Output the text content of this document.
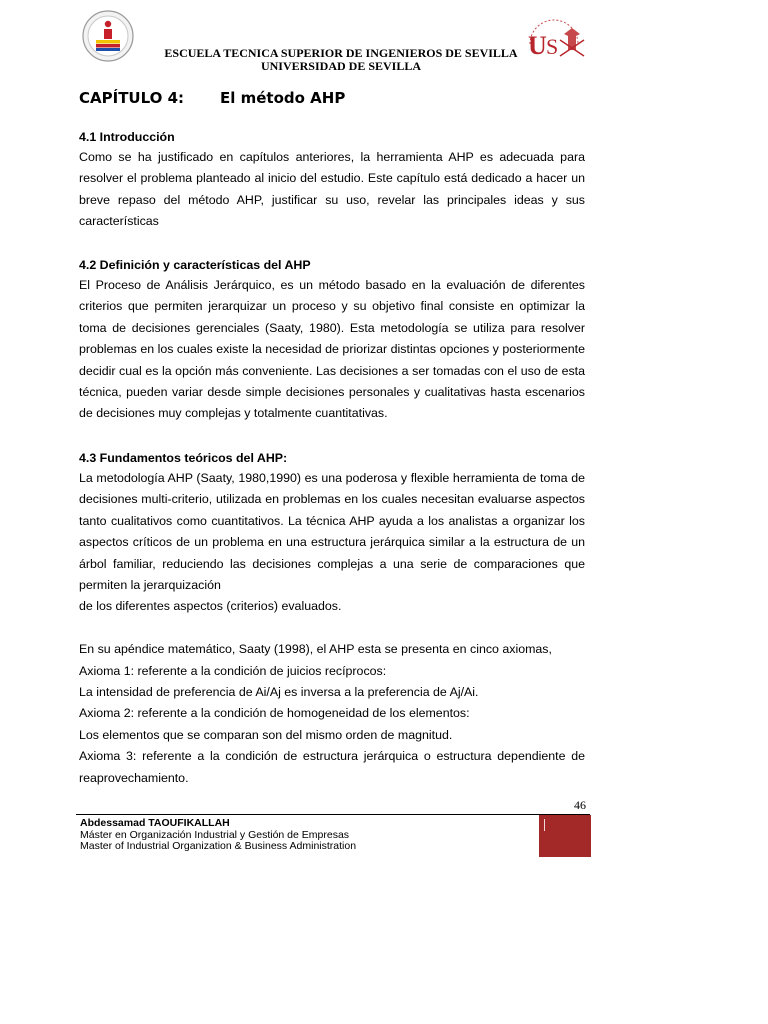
U S
ESCUELA TECNICA SUPERIOR DE INGENIEROS DE SEVILLA
UNIVERSIDAD DE SEVILLA
CAPÍTULO 4: El método AHP
4.1 Introducción
Como se ha justificado en capítulos anteriores, la herramienta AHP es adecuada para resolver el problema planteado al inicio del estudio. Este capítulo está dedicado a hacer un breve repaso del método AHP, justificar su uso, revelar las principales ideas y sus características
4.2 Definición y características del AHP
El Proceso de Análisis Jerárquico, es un método basado en la evaluación de diferentes criterios que permiten jerarquizar un proceso y su objetivo final consiste en optimizar la toma de decisiones gerenciales (Saaty, 1980). Esta metodología se utiliza para resolver problemas en los cuales existe la necesidad de priorizar distintas opciones y posteriormente decidir cual es la opción más conveniente. Las decisiones a ser tomadas con el uso de esta técnica, pueden variar desde simple decisiones personales y cualitativas hasta escenarios de decisiones muy complejas y totalmente cuantitativas.
4.3 Fundamentos teóricos del AHP:
La metodología AHP (Saaty, 1980,1990) es una poderosa y flexible herramienta de toma de decisiones multi-criterio, utilizada en problemas en los cuales necesitan evaluarse aspectos tanto cualitativos como cuantitativos. La técnica AHP ayuda a los analistas a organizar los aspectos críticos de un problema en una estructura jerárquica similar a la estructura de un árbol familiar, reduciendo las decisiones complejas a una serie de comparaciones que permiten la jerarquización
de los diferentes aspectos (criterios) evaluados.
En su apéndice matemático, Saaty (1998), el AHP esta se presenta en cinco axiomas,
Axioma 1: referente a la condición de juicios recíprocos:
La intensidad de preferencia de Ai/Aj es inversa a la preferencia de Aj/Ai.
Axioma 2: referente a la condición de homogeneidad de los elementos:
Los elementos que se comparan son del mismo orden de magnitud.
Axioma 3: referente a la condición de estructura jerárquica o estructura dependiente de reaprovechamiento.
46
Abdessamad TAOUFIKALLAH
Máster en Organización Industrial y Gestión de Empresas
Master of Industrial Organization & Business Administration
